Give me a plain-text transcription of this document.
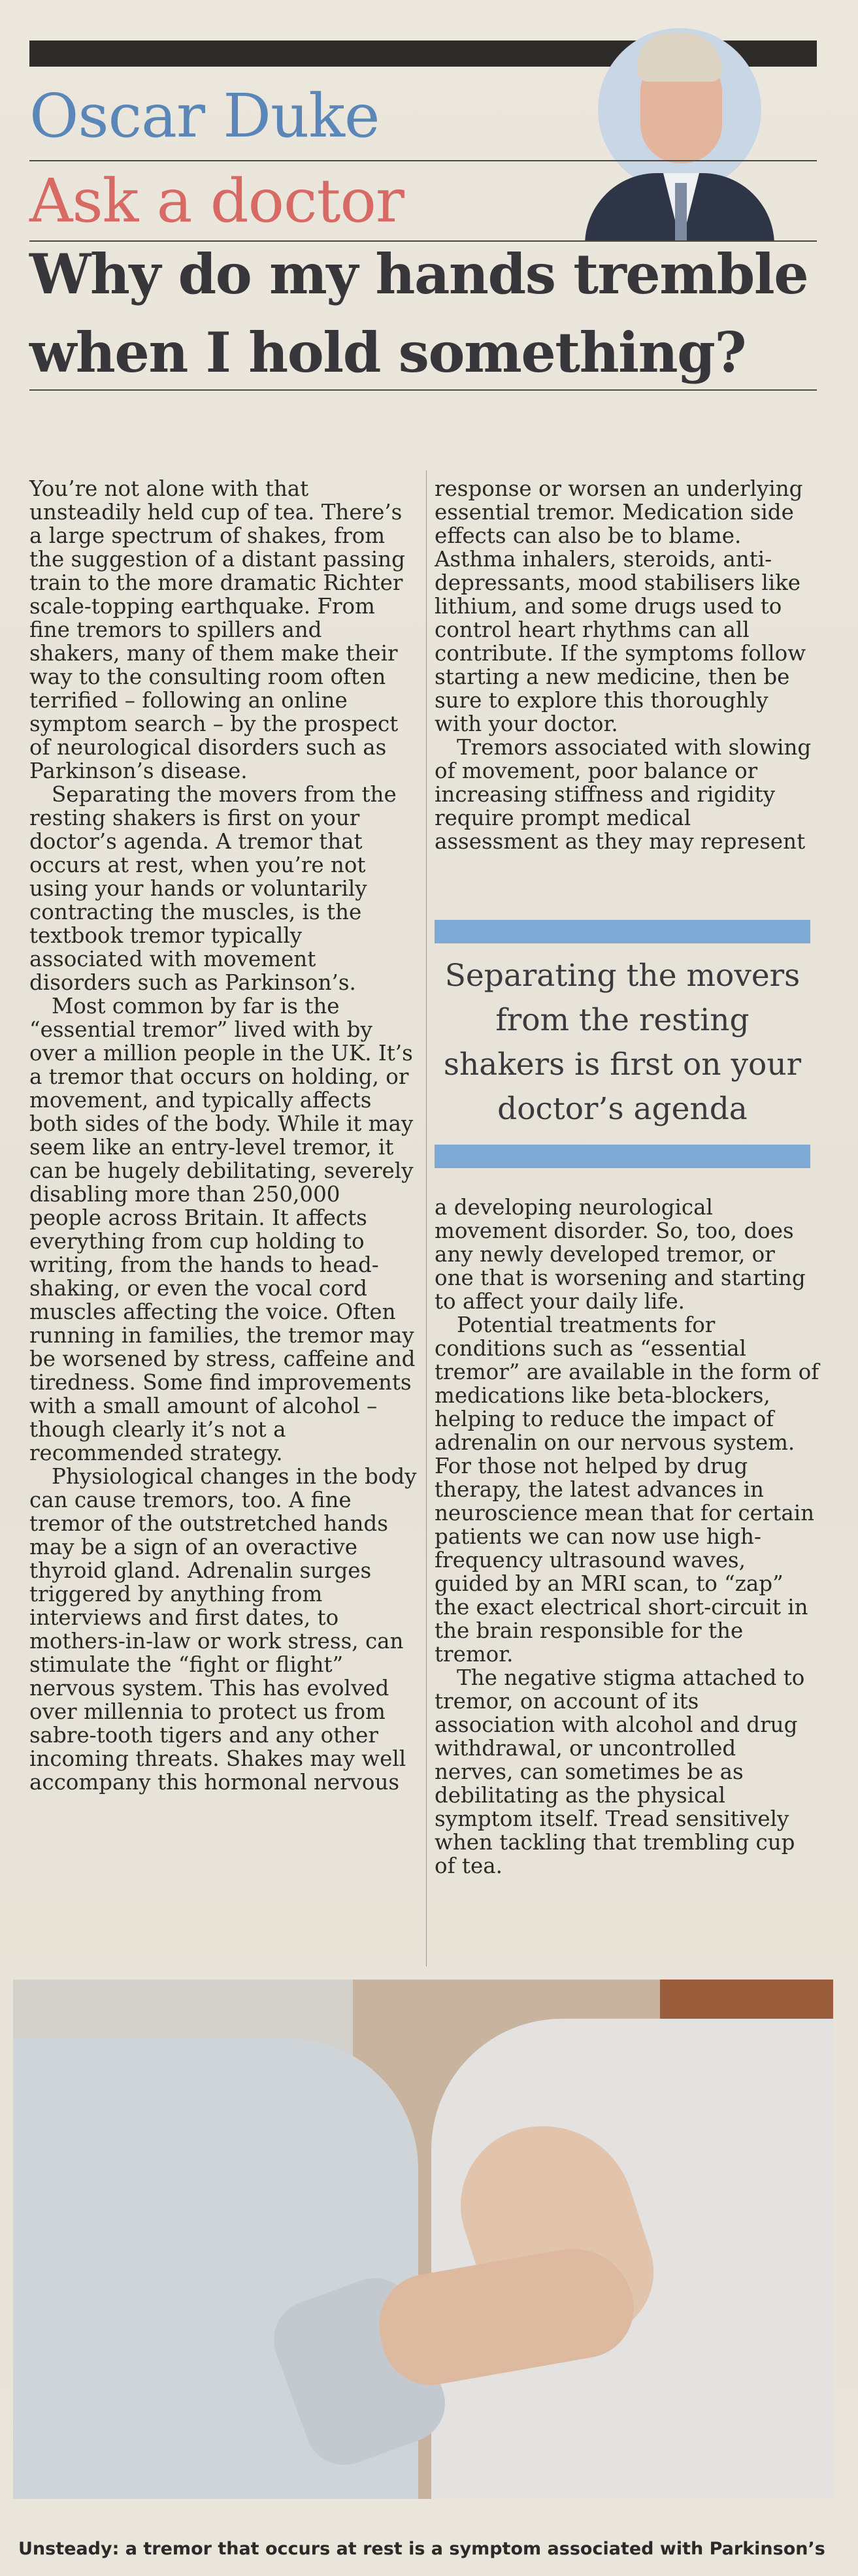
Oscar Duke
Ask a doctor
Why do my hands tremble when I hold something?

You’re not alone with that unsteadily held cup of tea. There’s a large spectrum of shakes, from the suggestion of a distant passing train to the more dramatic Richter scale-topping earthquake. From fine tremors to spillers and shakers, many of them make their way to the consulting room often terrified – following an online symptom search – by the prospect of neurological disorders such as Parkinson’s disease.

Separating the movers from the resting shakers is first on your doctor’s agenda. A tremor that occurs at rest, when you’re not using your hands or voluntarily contracting the muscles, is the textbook tremor typically associated with movement disorders such as Parkinson’s.

Most common by far is the “essential tremor” lived with by over a million people in the UK. It’s a tremor that occurs on holding, or movement, and typically affects both sides of the body. While it may seem like an entry-level tremor, it can be hugely debilitating, severely disabling more than 250,000 people across Britain. It affects everything from cup holding to writing, from the hands to head-shaking, or even the vocal cord muscles affecting the voice. Often running in families, the tremor may be worsened by stress, caffeine and tiredness. Some find improvements with a small amount of alcohol – though clearly it’s not a recommended strategy.

Physiological changes in the body can cause tremors, too. A fine tremor of the outstretched hands may be a sign of an overactive thyroid gland. Adrenalin surges triggered by anything from interviews and first dates, to mothers-in-law or work stress, can stimulate the “fight or flight” nervous system. This has evolved over millennia to protect us from sabre-tooth tigers and any other incoming threats. Shakes may well accompany this hormonal nervous

response or worsen an underlying essential tremor. Medication side effects can also be to blame. Asthma inhalers, steroids, anti-depressants, mood stabilisers like lithium, and some drugs used to control heart rhythms can all contribute. If the symptoms follow starting a new medicine, then be sure to explore this thoroughly with your doctor.

Tremors associated with slowing of movement, poor balance or increasing stiffness and rigidity require prompt medical assessment as they may represent

Separating the movers from the resting shakers is first on your doctor’s agenda

a developing neurological movement disorder. So, too, does any newly developed tremor, or one that is worsening and starting to affect your daily life.

Potential treatments for conditions such as “essential tremor” are available in the form of medications like beta-blockers, helping to reduce the impact of adrenalin on our nervous system. For those not helped by drug therapy, the latest advances in neuroscience mean that for certain patients we can now use high-frequency ultrasound waves, guided by an MRI scan, to “zap” the exact electrical short-circuit in the brain responsible for the tremor.

The negative stigma attached to tremor, on account of its association with alcohol and drug withdrawal, or uncontrolled nerves, can sometimes be as debilitating as the physical symptom itself. Tread sensitively when tackling that trembling cup of tea.

Unsteady: a tremor that occurs at rest is a symptom associated with Parkinson’s
